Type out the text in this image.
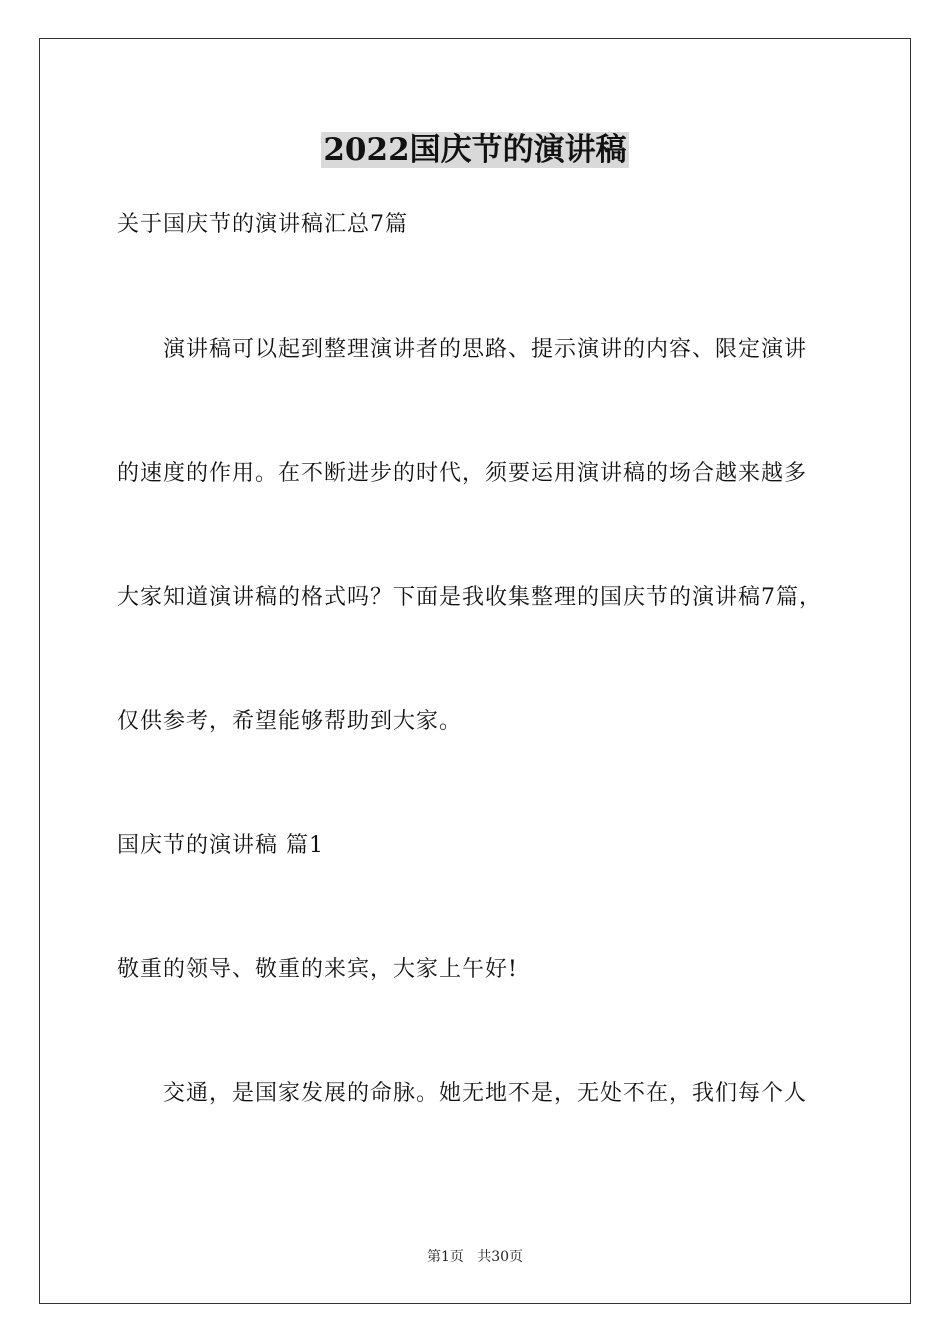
2022国庆节的演讲稿
关于国庆节的演讲稿汇总7篇
演讲稿可以起到整理演讲者的思路、提示演讲的内容、限定演讲
的速度的作用。在不断进步的时代，须要运用演讲稿的场合越来越多
大家知道演讲稿的格式吗？下面是我收集整理的国庆节的演讲稿7篇，
仅供参考，希望能够帮助到大家。
国庆节的演讲稿 篇1
敬重的领导、敬重的来宾，大家上午好!
交通，是国家发展的命脉。她无地不是，无处不在，我们每个人
第1页   共30页
